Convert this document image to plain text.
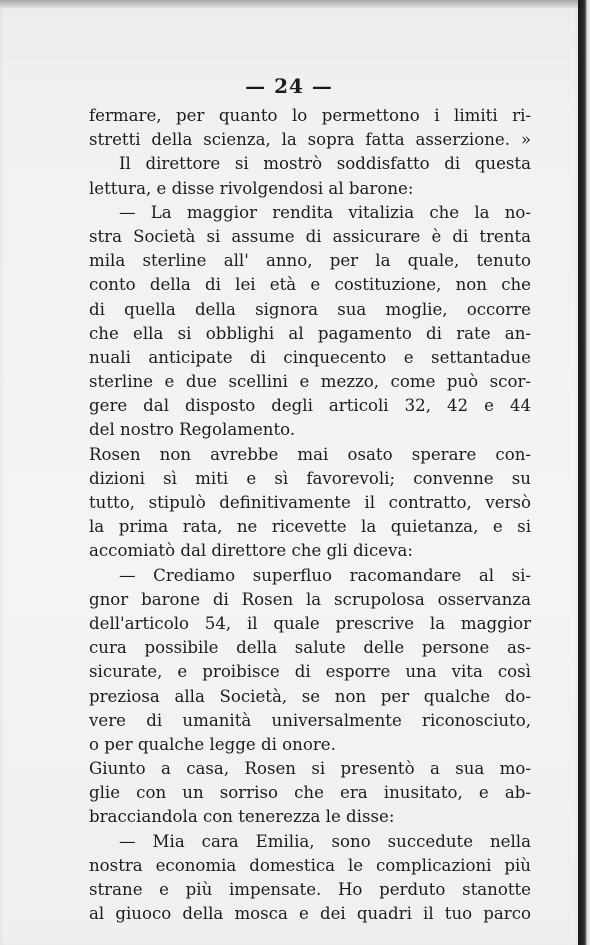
— 24 —
fermare, per quanto lo permettono i limiti ri-
stretti della scienza, la sopra fatta asserzione. »
Il direttore si mostrò soddisfatto di questa
lettura, e disse rivolgendosi al barone:
— La maggior rendita vitalizia che la no-
stra Società si assume di assicurare è di trenta
mila sterline all' anno, per la quale, tenuto
conto della di lei età e costituzione, non che
di quella della signora sua moglie, occorre
che ella si obblighi al pagamento di rate an-
nuali anticipate di cinquecento e settantadue
sterline e due scellini e mezzo, come può scor-
gere dal disposto degli articoli 32, 42 e 44
del nostro Regolamento.
Rosen non avrebbe mai osato sperare con-
dizioni sì miti e sì favorevoli; convenne su
tutto, stipulò definitivamente il contratto, versò
la prima rata, ne ricevette la quietanza, e si
accomiatò dal direttore che gli diceva:
— Crediamo superfluo racomandare al si-
gnor barone di Rosen la scrupolosa osservanza
dell'articolo 54, il quale prescrive la maggior
cura possibile della salute delle persone as-
sicurate, e proibisce di esporre una vita così
preziosa alla Società, se non per qualche do-
vere di umanità universalmente riconosciuto,
o per qualche legge di onore.
Giunto a casa, Rosen si presentò a sua mo-
glie con un sorriso che era inusitato, e ab-
bracciandola con tenerezza le disse:
— Mia cara Emilia, sono succedute nella
nostra economia domestica le complicazioni più
strane e più impensate. Ho perduto stanotte
al giuoco della mosca e dei quadri il tuo parco
